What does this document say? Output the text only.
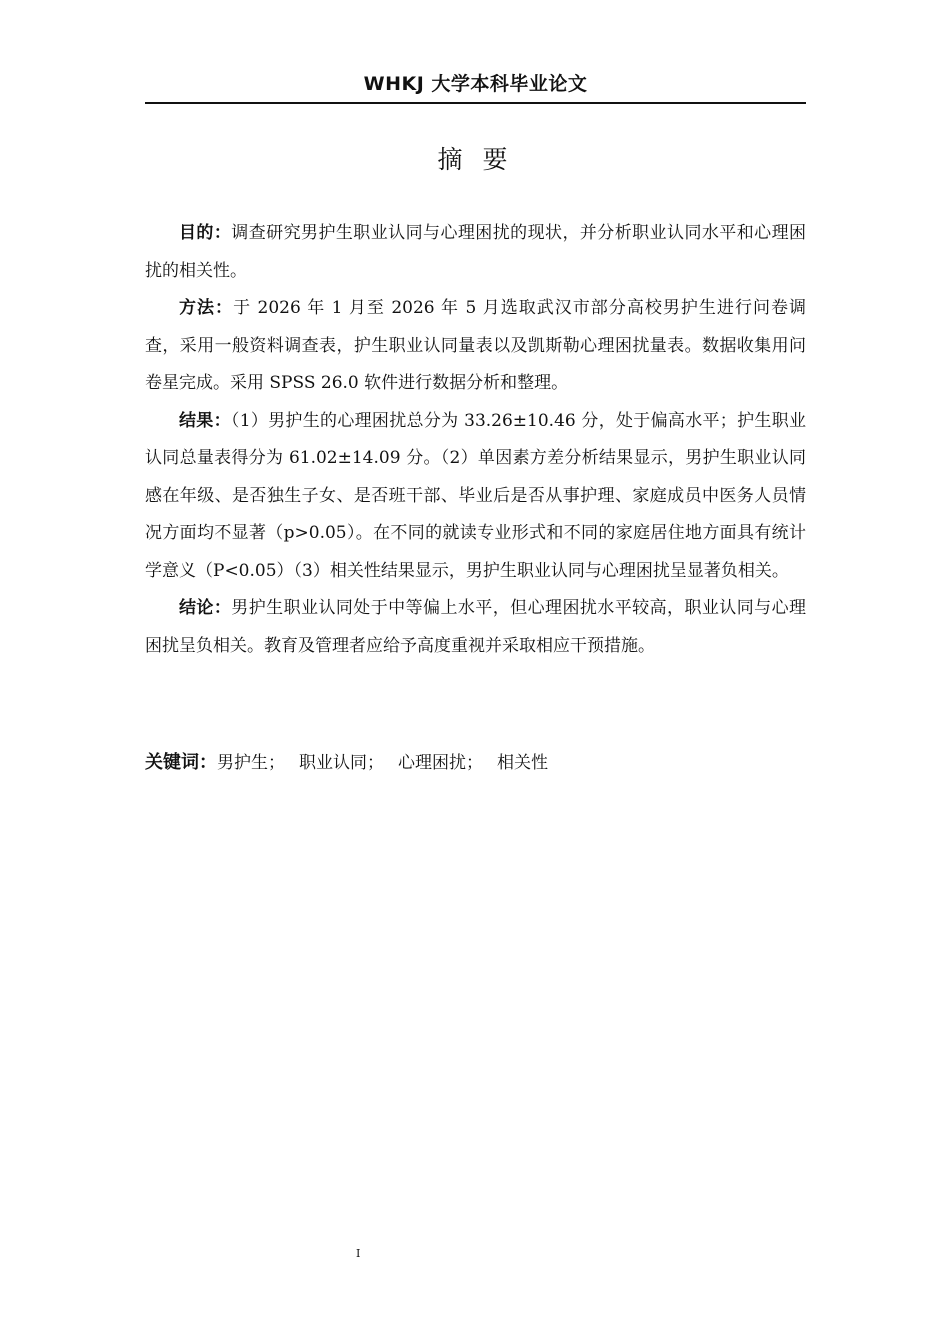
WHKJ 大学本科毕业论文
摘 要

目的：调查研究男护生职业认同与心理困扰的现状，并分析职业认同水平和心理困扰的相关性。

方法：于 2026 年 1 月至 2026 年 5 月选取武汉市部分高校男护生进行问卷调查，采用一般资料调查表，护生职业认同量表以及凯斯勒心理困扰量表。数据收集用问卷星完成。采用 SPSS 26.0 软件进行数据分析和整理。

结果：（1）男护生的心理困扰总分为 33.26±10.46 分，处于偏高水平；护生职业认同总量表得分为 61.02±14.09 分。（2）单因素方差分析结果显示，男护生职业认同感在年级、是否独生子女、是否班干部、毕业后是否从事护理、家庭成员中医务人员情况方面均不显著（p>0.05）。在不同的就读专业形式和不同的家庭居住地方面具有统计学意义（P<0.05）（3）相关性结果显示，男护生职业认同与心理困扰呈显著负相关。

结论：男护生职业认同处于中等偏上水平，但心理困扰水平较高，职业认同与心理困扰呈负相关。教育及管理者应给予高度重视并采取相应干预措施。

关键词：男护生； 职业认同； 心理困扰； 相关性
I
